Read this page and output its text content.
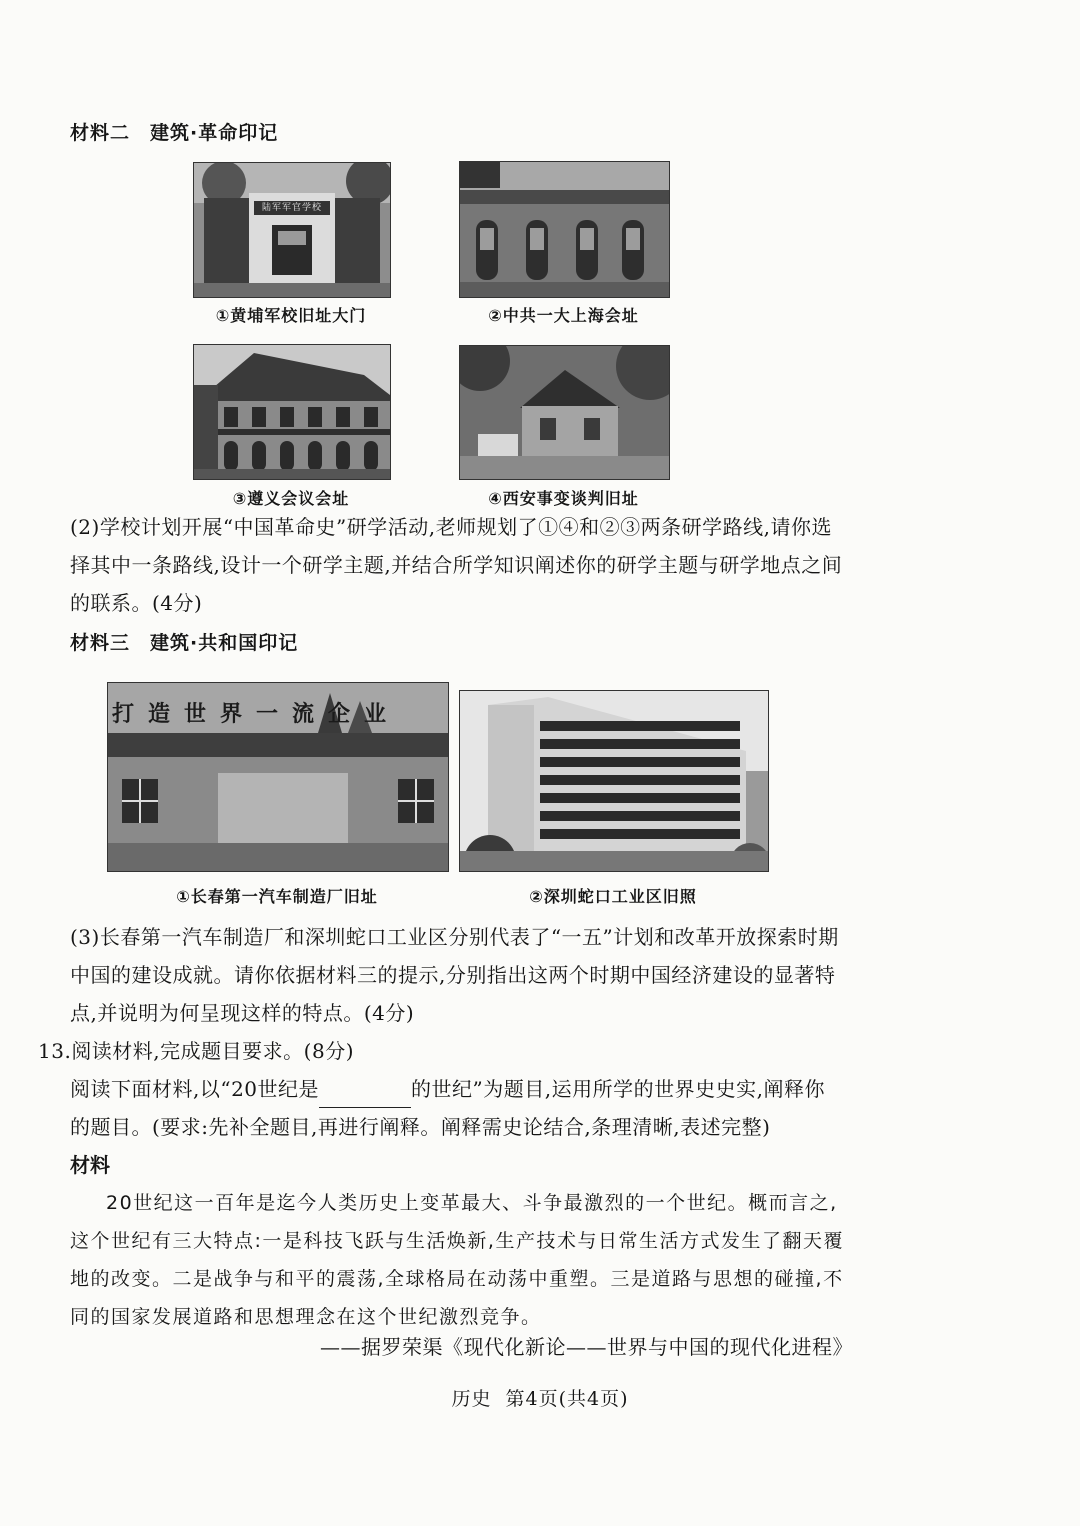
材料二 建筑·革命印记
陆军军官学校
①黄埔军校旧址大门	②中共一大上海会址
③遵义会议会址	④西安事变谈判旧址
(2)学校计划开展“中国革命史”研学活动,老师规划了①④和②③两条研学路线,请你选
择其中一条路线,设计一个研学主题,并结合所学知识阐述你的研学主题与研学地点之间
的联系。(4分)
材料三 建筑·共和国印记
打造世界一流企业
①长春第一汽车制造厂旧址	②深圳蛇口工业区旧照
(3)长春第一汽车制造厂和深圳蛇口工业区分别代表了“一五”计划和改革开放探索时期
中国的建设成就。请你依据材料三的提示,分别指出这两个时期中国经济建设的显著特
点,并说明为何呈现这样的特点。(4分)
13.阅读材料,完成题目要求。(8分)
阅读下面材料,以“20世纪是	的世纪”为题目,运用所学的世界史史实,阐释你
的题目。(要求:先补全题目,再进行阐释。阐释需史论结合,条理清晰,表述完整)
材料
20世纪这一百年是迄今人类历史上变革最大、斗争最激烈的一个世纪。概而言之,
这个世纪有三大特点:一是科技飞跃与生活焕新,生产技术与日常生活方式发生了翻天覆
地的改变。二是战争与和平的震荡,全球格局在动荡中重塑。三是道路与思想的碰撞,不
同的国家发展道路和思想理念在这个世纪激烈竞争。
——据罗荣渠《现代化新论——世界与中国的现代化进程》
历史  第4页(共4页)
